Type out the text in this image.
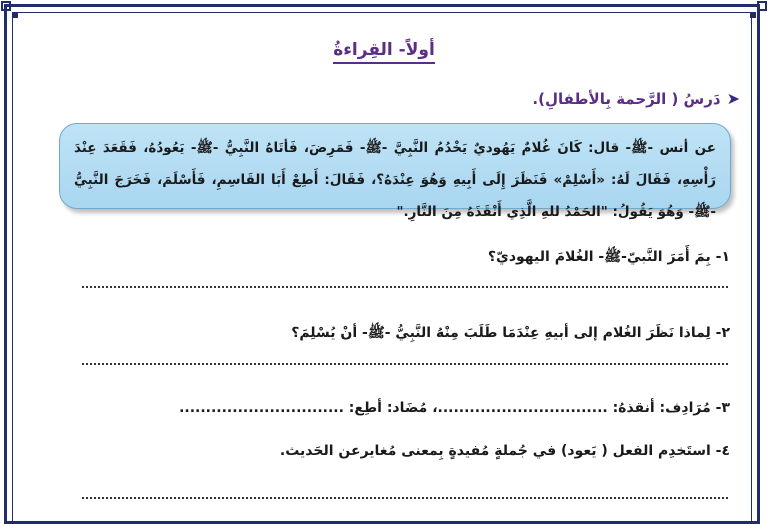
أولاً- القِراءةُ
➤
دَرسُ ( الرَّحمة بِالأطفالِ).
عن أنس -ﷺ- قال: كَانَ غُلامٌ يَهُوديٌ يَخْدُمُ النَّبِيَّ -ﷺ- فَمَرِضَ، فَأتَاهُ النَّبِيُّ -ﷺ- يَعُودُهُ، فَقَعَدَ عِنْدَ رَأْسِهِ، فَقَالَ لَهُ: «أَسْلِمْ» فَنَظَرَ إِلَى أَبِيهِ وَهُوَ عِنْدَهُ؟، فَقَالَ: أَطِعْ أَبَا القَاسِمِ، فَأَسْلَمَ، فَخَرَجَ النَّبِيُّ -ﷺ- وَهُوَ يَقُولُ: "الحَمْدُ للهِ الَّذِي أَنْقَذَهُ مِنَ النَّارِ."
١- بِمَ أَمَرَ النَّبيّ-ﷺ- الغُلامَ اليهوديّ؟
٢- لِماذا نَظَرَ الغُلام إلى أبيهِ عِنْدَمَا طَلَبَ مِنْهُ النَّبِيُّ -ﷺ- أنْ يُسْلِمَ؟
٣- مُرَادِف: أنقذهُ: ................................، مُضَاد: أطِع: ...............................
٤- استَخدِم الفعل ( يَعود) في جُملةٍ مُفيدةٍ بِمعنى مُغايرعن الحَديث.
